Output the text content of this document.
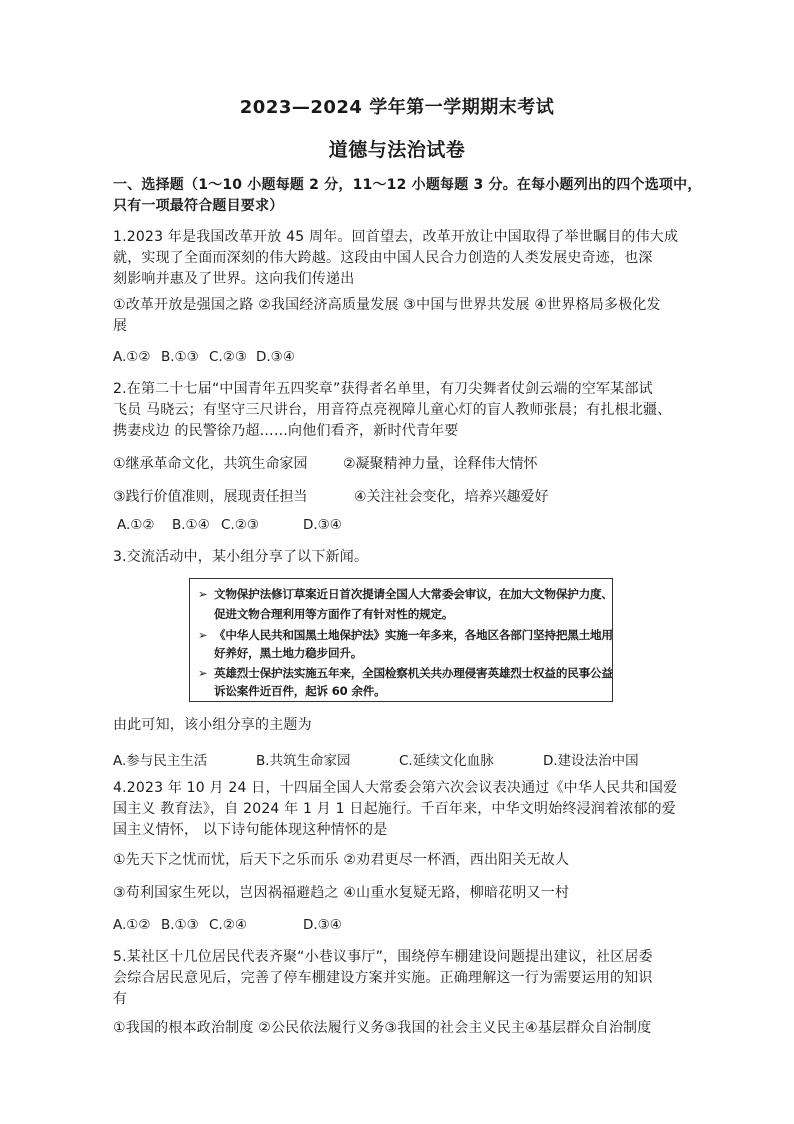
2023—2024 学年第一学期期末考试
道德与法治试卷
一、选择题（1～10 小题每题 2 分，11～12 小题每题 3 分。在每小题列出的四个选项中，
只有一项最符合题目要求）
1.2023 年是我国改革开放 45 周年。回首望去，改革开放让中国取得了举世瞩目的伟大成
就，实现了全面而深刻的伟大跨越。这段由中国人民合力创造的人类发展史奇迹，也深
刻影响并惠及了世界。这向我们传递出
①改革开放是强国之路 ②我国经济高质量发展 ③中国与世界共发展 ④世界格局多极化发
展
A.①② B.①③ C.②③ D.③④
2.在第二十七届“中国青年五四奖章”获得者名单里，有刀尖舞者仗剑云端的空军某部试
飞员 马晓云；有坚守三尺讲台，用音符点亮视障儿童心灯的盲人教师张晨；有扎根北疆、
携妻戍边 的民警徐乃超……向他们看齐，新时代青年要
①继承革命文化，共筑生命家园	②凝聚精神力量，诠释伟大情怀
③践行价值准则，展现责任担当	④关注社会变化，培养兴趣爱好
A.①② B.①④ C.②③	D.③④
3.交流活动中，某小组分享了以下新闻。
➢ 文物保护法修订草案近日首次提请全国人大常委会审议，在加大文物保护力度、
促进文物合理利用等方面作了有针对性的规定。
➢ 《中华人民共和国黑土地保护法》实施一年多来，各地区各部门坚持把黑土地用
好养好，黑土地力稳步回升。
➢ 英雄烈士保护法实施五年来，全国检察机关共办理侵害英雄烈士权益的民事公益
诉讼案件近百件，起诉 60 余件。
由此可知，该小组分享的主题为
A.参与民主生活	B.共筑生命家园	C.延续文化血脉	D.建设法治中国
4.2023 年 10 月 24 日，十四届全国人大常委会第六次会议表决通过《中华人民共和国爱
国主义 教育法》，自 2024 年 1 月 1 日起施行。千百年来，中华文明始终浸润着浓郁的爱
国主义情怀， 以下诗句能体现这种情怀的是
①先天下之忧而忧，后天下之乐而乐 ②劝君更尽一杯酒，西出阳关无故人
③苟利国家生死以，岂因祸福避趋之 ④山重水复疑无路，柳暗花明又一村
A.①② B.①③ C.②④	D.③④
5.某社区十几位居民代表齐聚“小巷议事厅”，围绕停车棚建设问题提出建议，社区居委
会综合居民意见后，完善了停车棚建设方案并实施。正确理解这一行为需要运用的知识
有
①我国的根本政治制度 ②公民依法履行义务③我国的社会主义民主④基层群众自治制度
